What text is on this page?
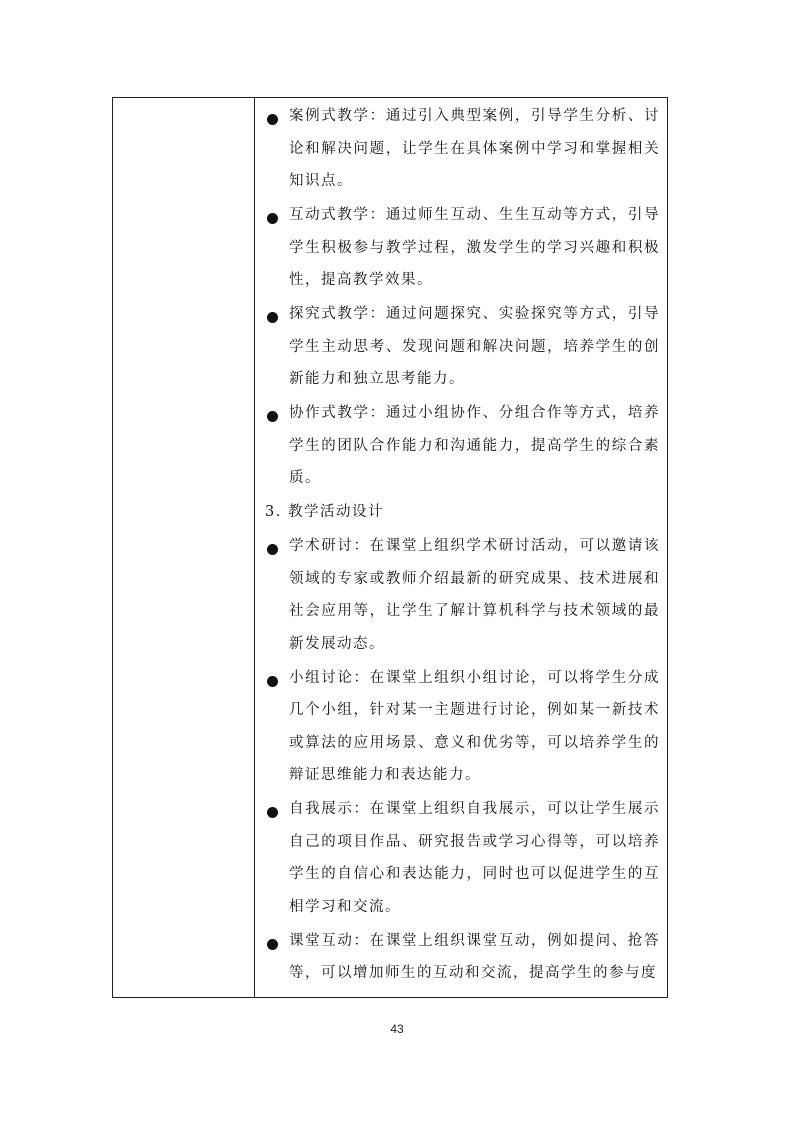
案例式教学：通过引入典型案例，引导学生分析、讨论和解决问题，让学生在具体案例中学习和掌握相关知识点。
互动式教学：通过师生互动、生生互动等方式，引导学生积极参与教学过程，激发学生的学习兴趣和积极性，提高教学效果。
探究式教学：通过问题探究、实验探究等方式，引导学生主动思考、发现问题和解决问题，培养学生的创新能力和独立思考能力。
协作式教学：通过小组协作、分组合作等方式，培养学生的团队合作能力和沟通能力，提高学生的综合素质。
3. 教学活动设计
学术研讨：在课堂上组织学术研讨活动，可以邀请该领域的专家或教师介绍最新的研究成果、技术进展和社会应用等，让学生了解计算机科学与技术领域的最新发展动态。
小组讨论：在课堂上组织小组讨论，可以将学生分成几个小组，针对某一主题进行讨论，例如某一新技术或算法的应用场景、意义和优劣等，可以培养学生的辩证思维能力和表达能力。
自我展示：在课堂上组织自我展示，可以让学生展示自己的项目作品、研究报告或学习心得等，可以培养学生的自信心和表达能力，同时也可以促进学生的互相学习和交流。
课堂互动：在课堂上组织课堂互动，例如提问、抢答等，可以增加师生的互动和交流，提高学生的参与度
43
